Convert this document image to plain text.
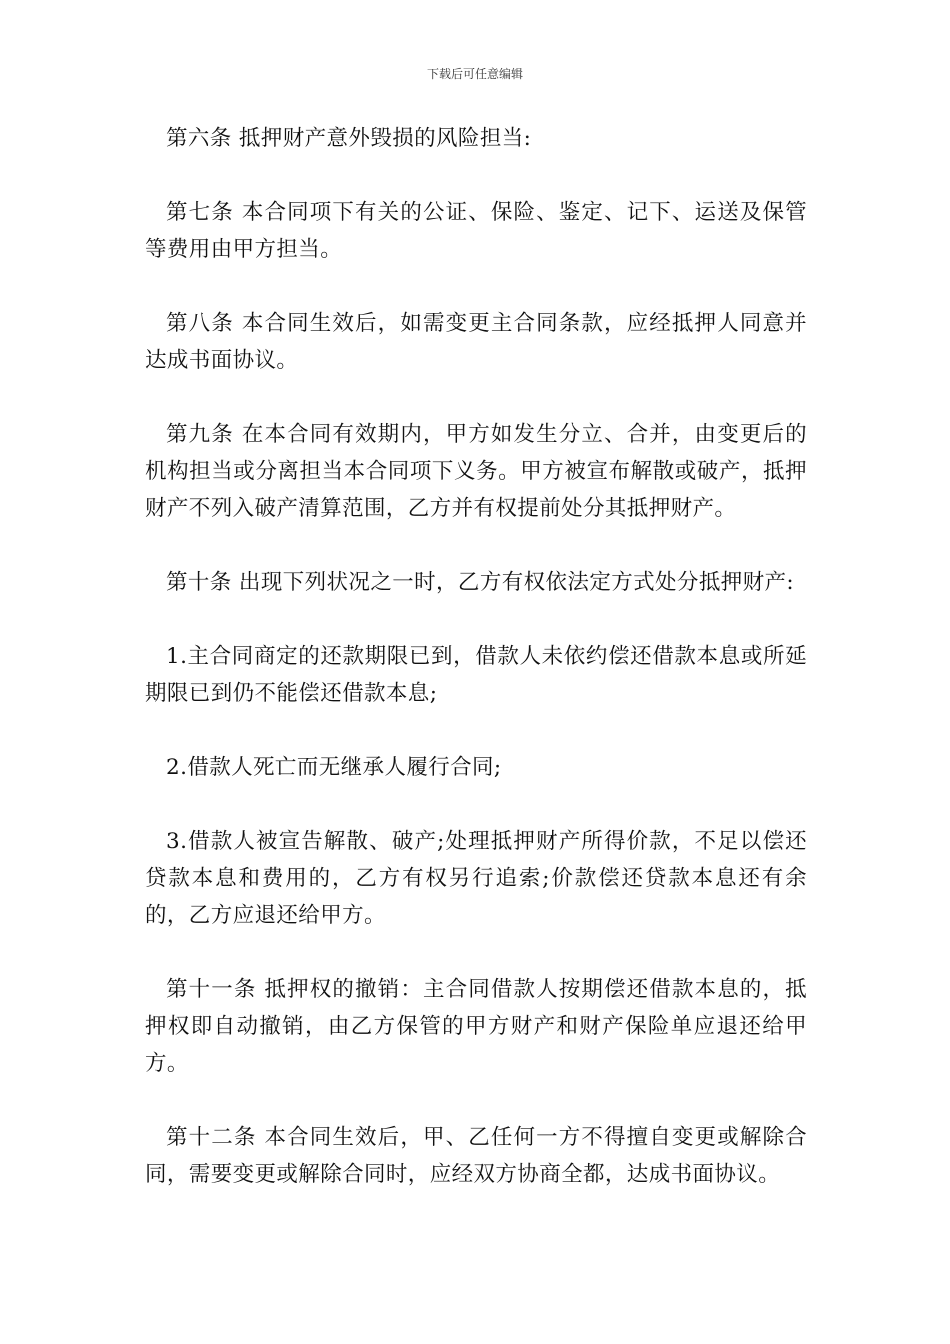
下载后可任意编辑

第六条 抵押财产意外毁损的风险担当:

第七条 本合同项下有关的公证、保险、鉴定、记下、运送及保管等费用由甲方担当。

第八条 本合同生效后，如需变更主合同条款，应经抵押人同意并达成书面协议。

第九条 在本合同有效期内，甲方如发生分立、合并，由变更后的机构担当或分离担当本合同项下义务。甲方被宣布解散或破产，抵押财产不列入破产清算范围，乙方并有权提前处分其抵押财产。

第十条 出现下列状况之一时，乙方有权依法定方式处分抵押财产:

1.主合同商定的还款期限已到，借款人未依约偿还借款本息或所延期限已到仍不能偿还借款本息;

2.借款人死亡而无继承人履行合同;

3.借款人被宣告解散、破产;处理抵押财产所得价款，不足以偿还贷款本息和费用的，乙方有权另行追索;价款偿还贷款本息还有余的，乙方应退还给甲方。

第十一条 抵押权的撤销：主合同借款人按期偿还借款本息的，抵押权即自动撤销，由乙方保管的甲方财产和财产保险单应退还给甲方。

第十二条 本合同生效后，甲、乙任何一方不得擅自变更或解除合同，需要变更或解除合同时，应经双方协商全都，达成书面协议。
